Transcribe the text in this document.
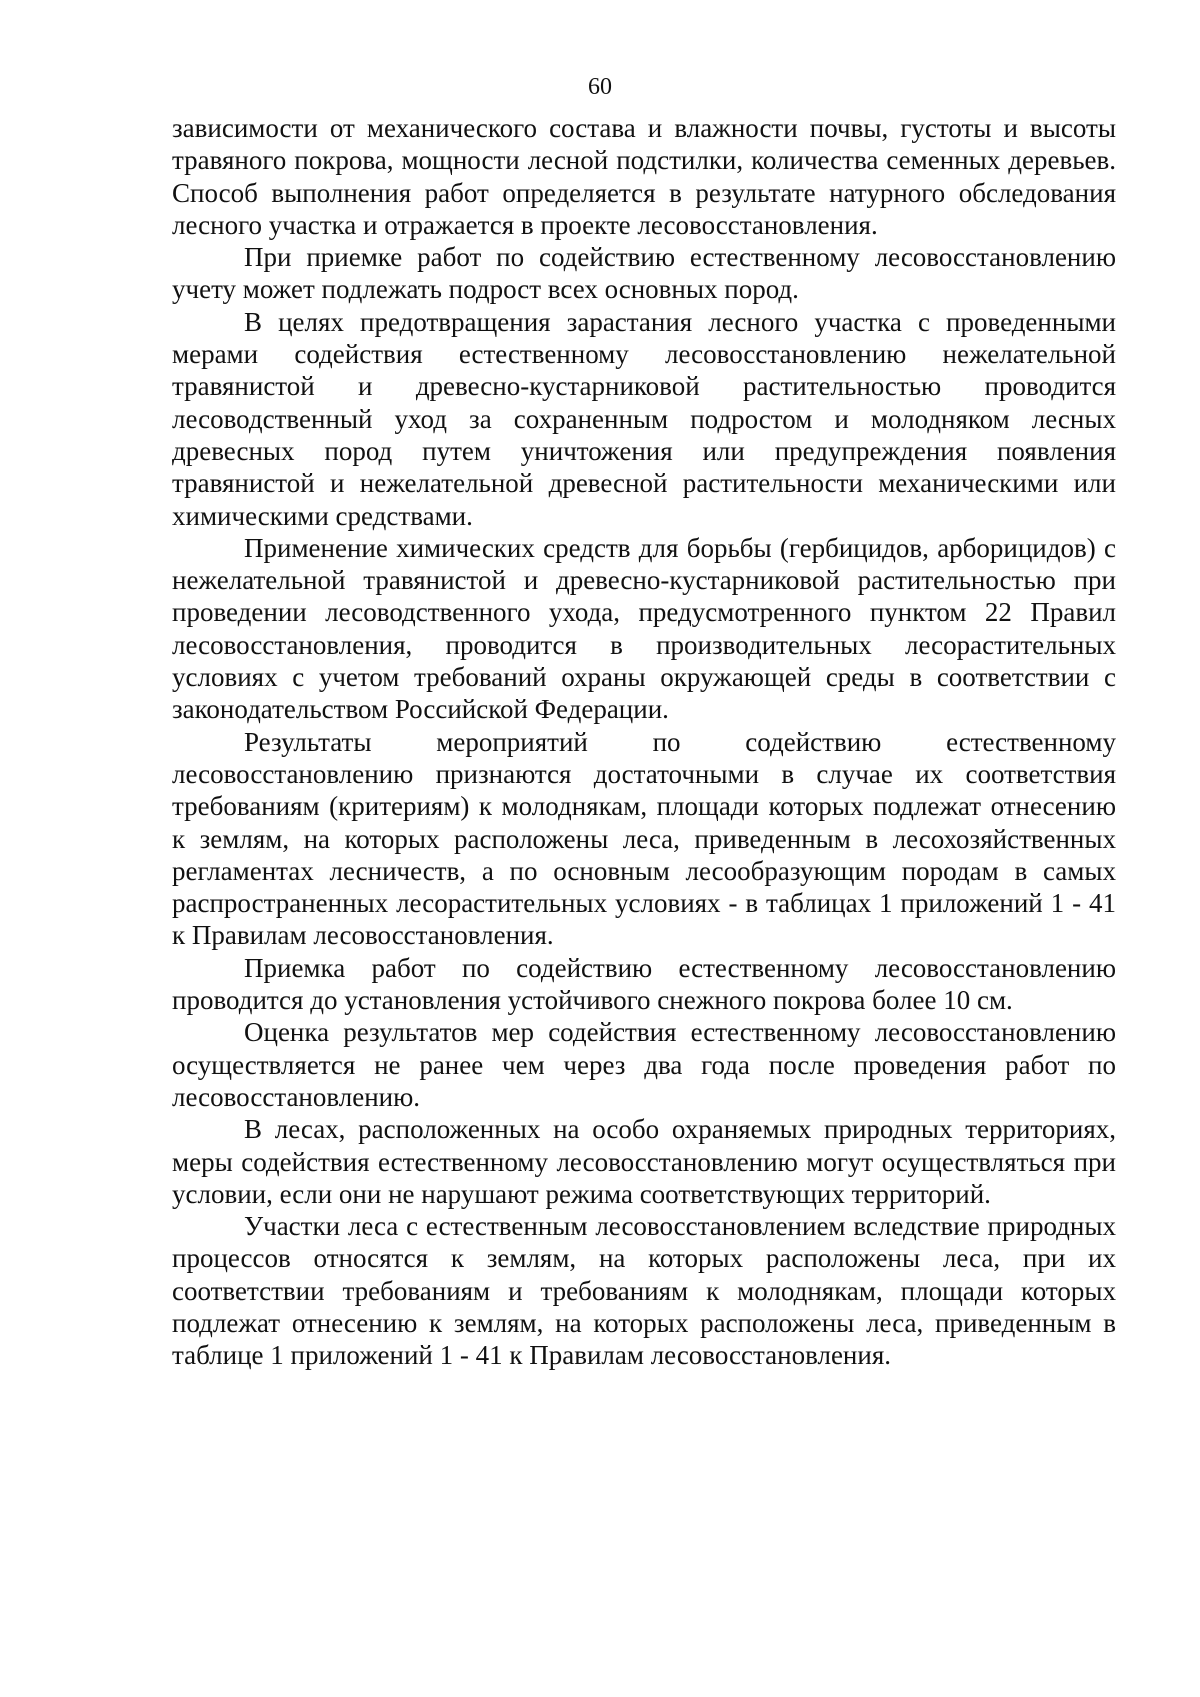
60

зависимости от механического состава и влажности почвы, густоты и высоты травяного покрова, мощности лесной подстилки, количества семенных деревьев. Способ выполнения работ определяется в результате натурного обследования лесного участка и отражается в проекте лесовосстановления.

При приемке работ по содействию естественному лесовосстановлению учету может подлежать подрост всех основных пород.

В целях предотвращения зарастания лесного участка с проведенными мерами содействия естественному лесовосстановлению нежелательной травянистой и древесно-кустарниковой растительностью проводится лесоводственный уход за сохраненным подростом и молодняком лесных древесных пород путем уничтожения или предупреждения появления травянистой и нежелательной древесной растительности механическими или химическими средствами.

Применение химических средств для борьбы (гербицидов, арборицидов) с нежелательной травянистой и древесно-кустарниковой растительностью при проведении лесоводственного ухода, предусмотренного пунктом 22 Правил лесовосстановления, проводится в производительных лесорастительных условиях с учетом требований охраны окружающей среды в соответствии с законодательством Российской Федерации.

Результаты мероприятий по содействию естественному лесовосстановлению признаются достаточными в случае их соответствия требованиям (критериям) к молоднякам, площади которых подлежат отнесению к землям, на которых расположены леса, приведенным в лесохозяйственных регламентах лесничеств, а по основным лесообразующим породам в самых распространенных лесорастительных условиях - в таблицах 1 приложений 1 - 41 к Правилам лесовосстановления.

Приемка работ по содействию естественному лесовосстановлению проводится до установления устойчивого снежного покрова более 10 см.

Оценка результатов мер содействия естественному лесовосстановлению осуществляется не ранее чем через два года после проведения работ по лесовосстановлению.

В лесах, расположенных на особо охраняемых природных территориях, меры содействия естественному лесовосстановлению могут осуществляться при условии, если они не нарушают режима соответствующих территорий.

Участки леса с естественным лесовосстановлением вследствие природных процессов относятся к землям, на которых расположены леса, при их соответствии требованиям и требованиям к молоднякам, площади которых подлежат отнесению к землям, на которых расположены леса, приведенным в таблице 1 приложений 1 - 41 к Правилам лесовосстановления.
